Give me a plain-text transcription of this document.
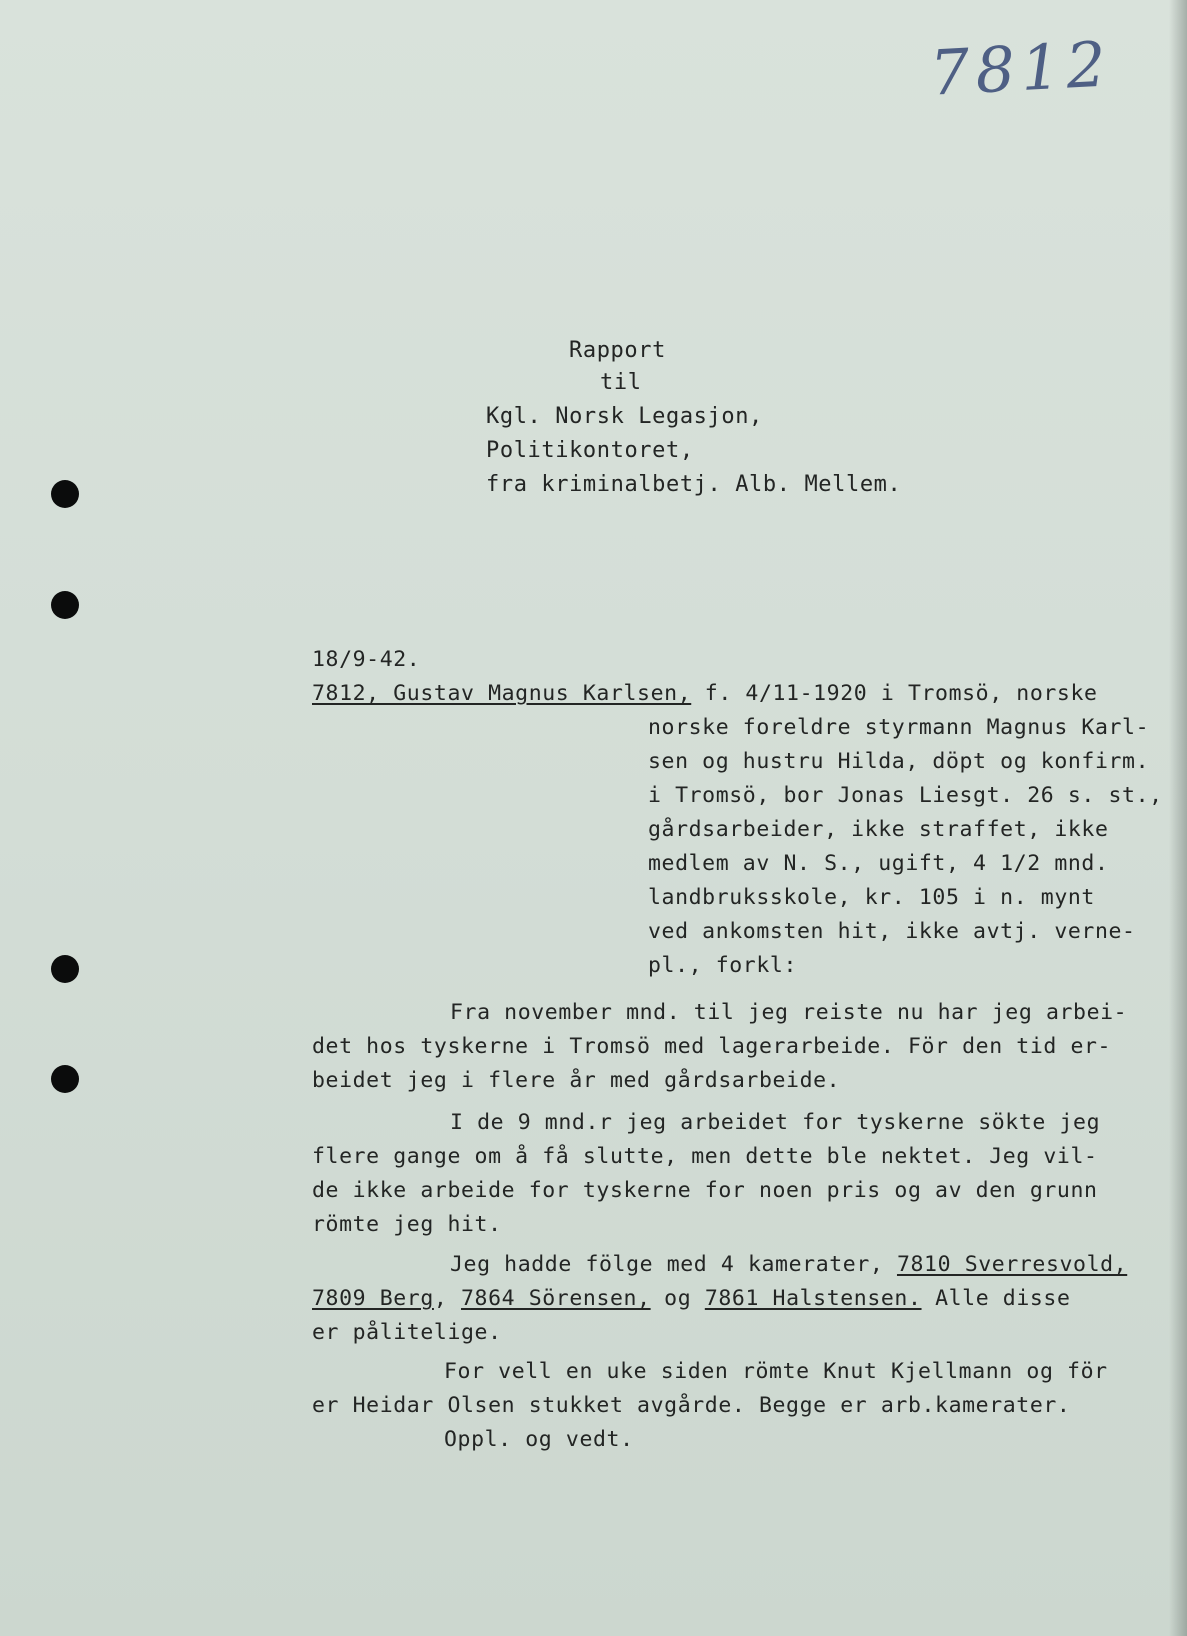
7812
Rapport
til
Kgl. Norsk Legasjon,
Politikontoret,
fra kriminalbetj. Alb. Mellem.
18/9-42.
7812, Gustav Magnus Karlsen, f. 4/11-1920 i Tromsö, norske
norske foreldre styrmann Magnus Karl-
sen og hustru Hilda, döpt og konfirm.
i Tromsö, bor Jonas Liesgt. 26 s. st.,
gårdsarbeider, ikke straffet, ikke
medlem av N. S., ugift, 4 1/2 mnd.
landbruksskole, kr. 105 i n. mynt
ved ankomsten hit, ikke avtj. verne-
pl., forkl:
Fra november mnd. til jeg reiste nu har jeg arbei-
det hos tyskerne i Tromsö med lagerarbeide. För den tid er-
beidet jeg i flere år med gårdsarbeide.
I de 9 mnd.r jeg arbeidet for tyskerne sökte jeg
flere gange om å få slutte, men dette ble nektet. Jeg vil-
de ikke arbeide for tyskerne for noen pris og av den grunn
römte jeg hit.
Jeg hadde fölge med 4 kamerater, 7810 Sverresvold,
7809 Berg, 7864 Sörensen, og 7861 Halstensen. Alle disse
er pålitelige.
For vell en uke siden römte Knut Kjellmann og för
er Heidar Olsen stukket avgårde. Begge er arb.kamerater.
Oppl. og vedt.
